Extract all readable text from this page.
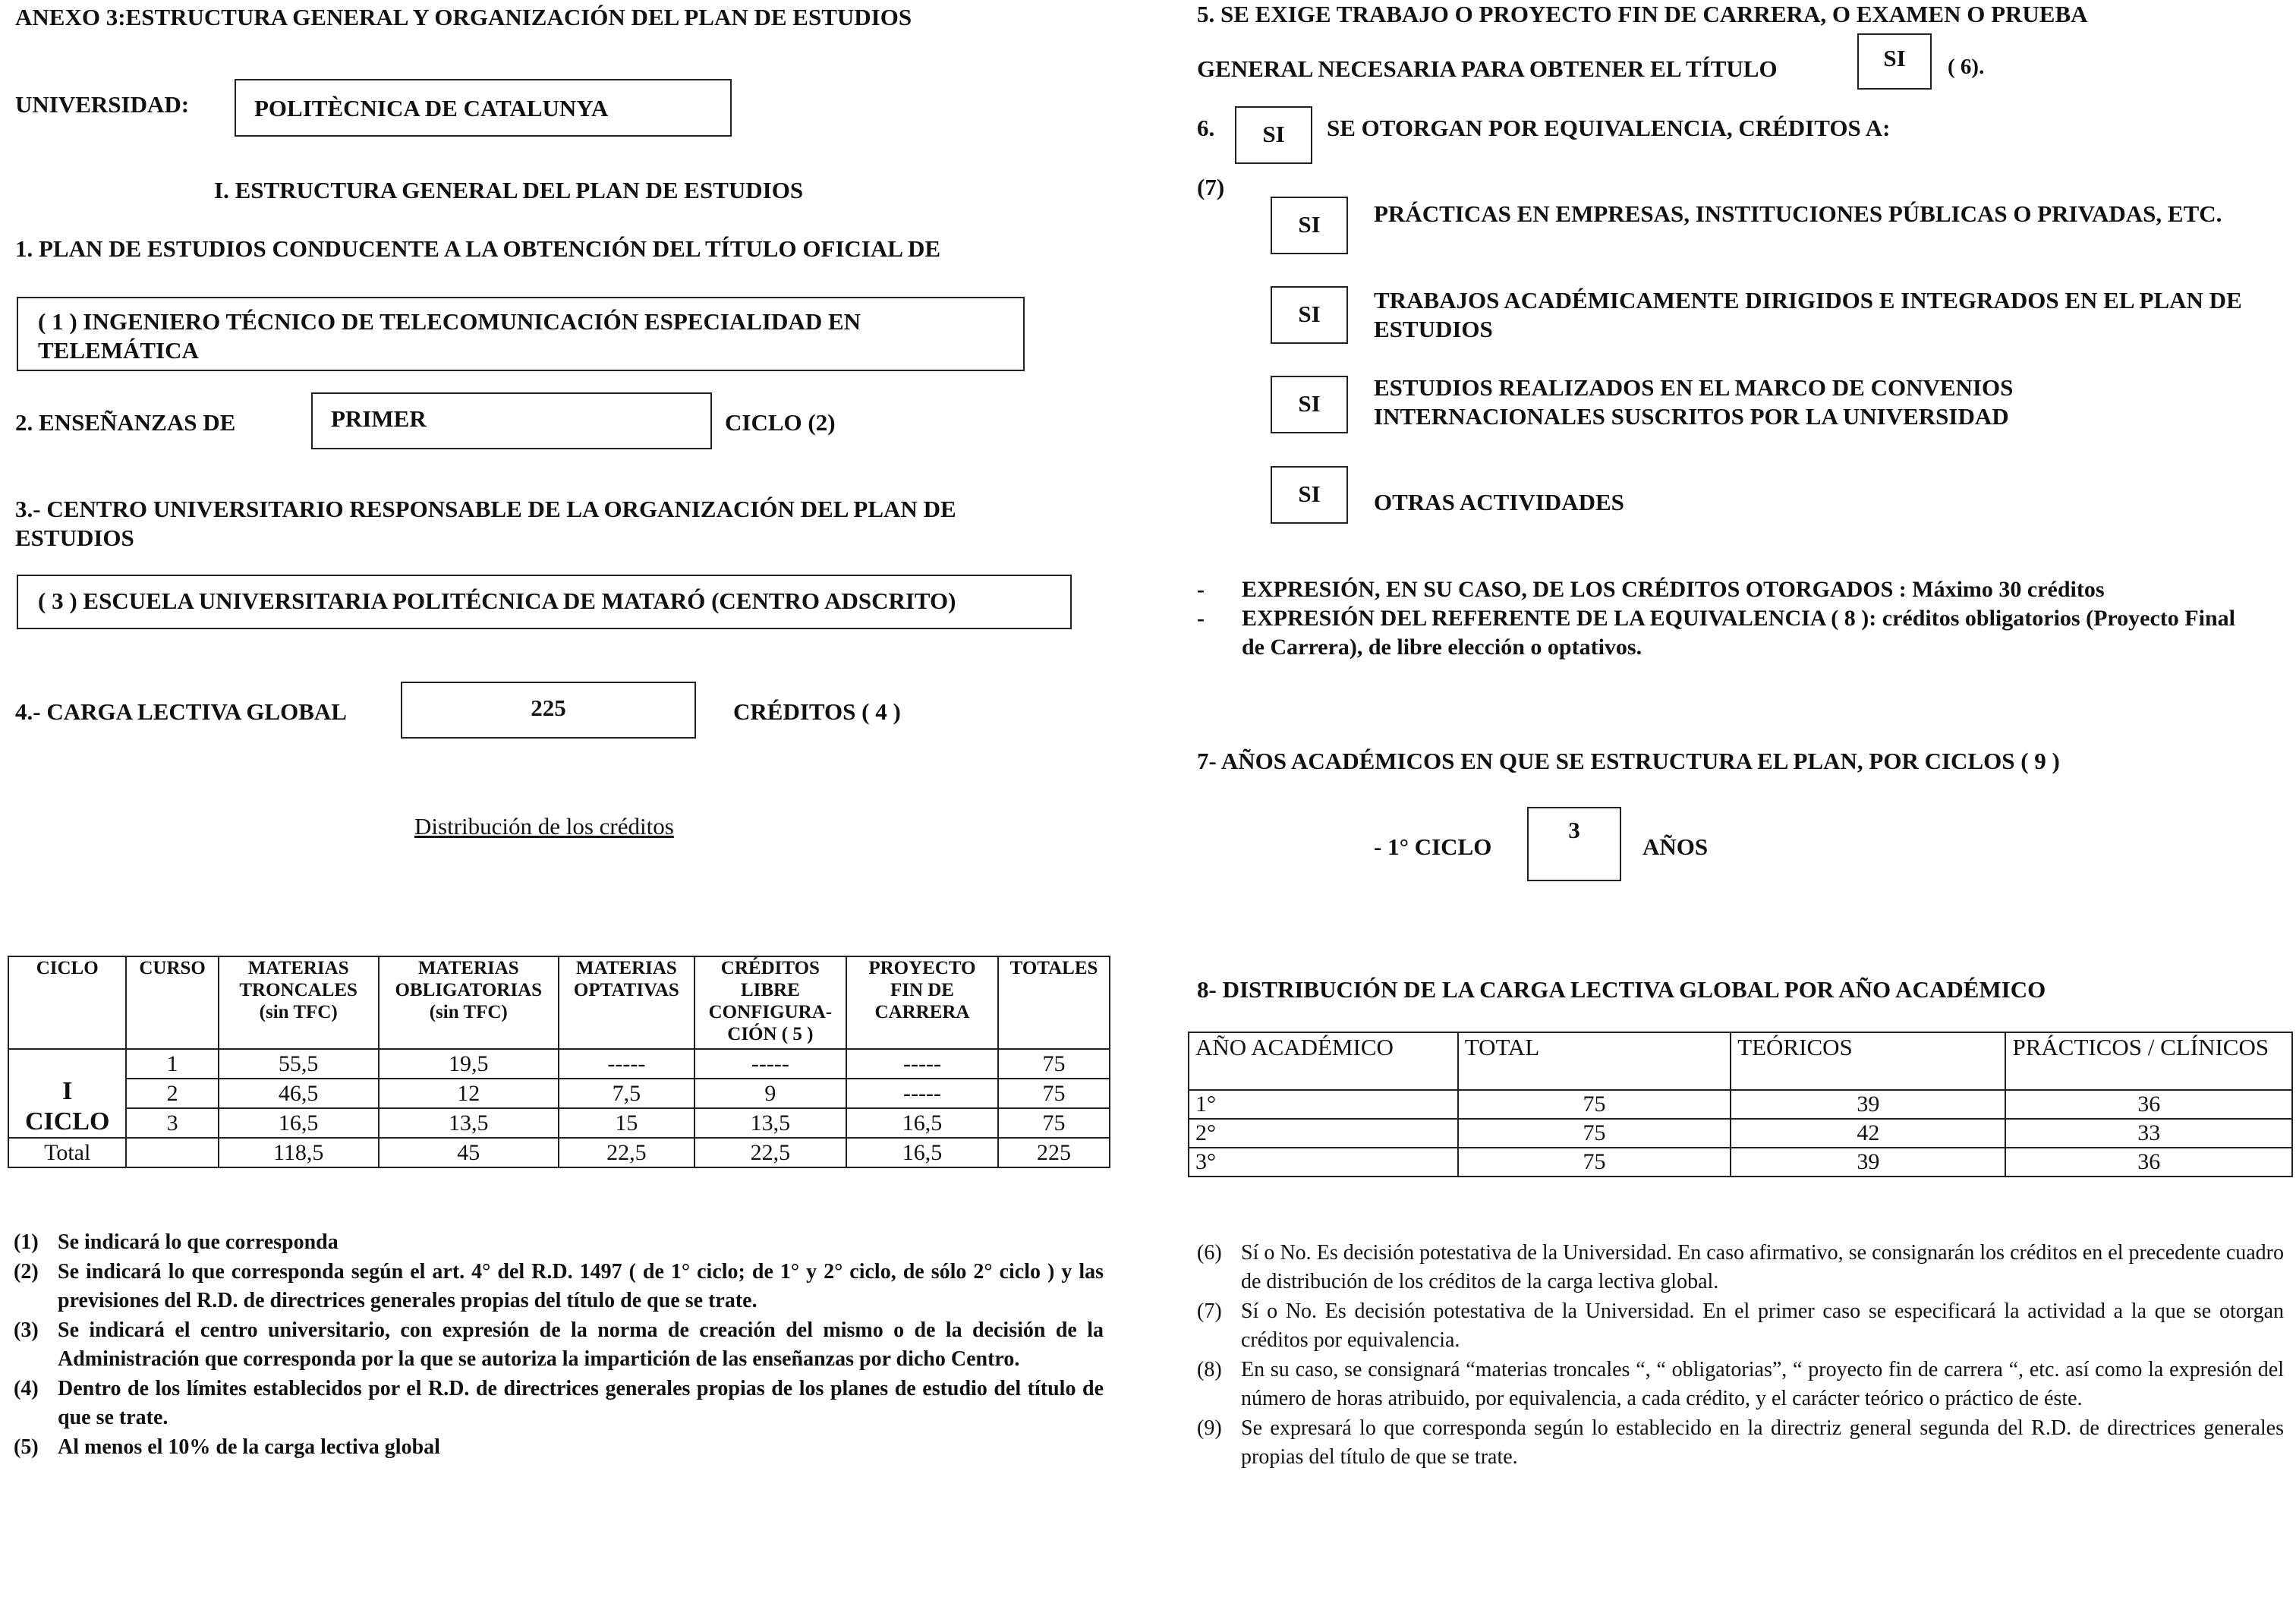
ANEXO 3:ESTRUCTURA GENERAL Y ORGANIZACIÓN DEL PLAN DE ESTUDIOS
UNIVERSIDAD:	POLITÈCNICA DE CATALUNYA
I. ESTRUCTURA GENERAL DEL PLAN DE ESTUDIOS
1. PLAN DE ESTUDIOS CONDUCENTE A LA OBTENCIÓN DEL TÍTULO OFICIAL DE
( 1 ) INGENIERO TÉCNICO DE TELECOMUNICACIÓN ESPECIALIDAD EN TELEMÁTICA
2. ENSEÑANZAS DE	PRIMER	CICLO (2)
3.- CENTRO UNIVERSITARIO RESPONSABLE DE LA ORGANIZACIÓN DEL PLAN DE ESTUDIOS
( 3 ) ESCUELA UNIVERSITARIA POLITÉCNICA DE MATARÓ (CENTRO ADSCRITO)
4.- CARGA LECTIVA GLOBAL	225	CRÉDITOS ( 4 )
Distribución de los créditos
CICLO	CURSO	MATERIAS TRONCALES (sin TFC)	MATERIAS OBLIGATORIAS (sin TFC)	MATERIAS OPTATIVAS	CRÉDITOS LIBRE CONFIGURA-CIÓN ( 5 )	PROYECTO FIN DE CARRERA	TOTALES

I
CICLO	1	55,5	19,5	-----	-----	-----	75
	2	46,5	12	7,5	9	-----	75
	3	16,5	13,5	15	13,5	16,5	75
Total		118,5	45	22,5	22,5	16,5	225
(1) Se indicará lo que corresponda
(2) Se indicará lo que corresponda según el art. 4° del R.D. 1497 ( de 1° ciclo; de 1° y 2° ciclo, de sólo 2° ciclo ) y las previsiones del R.D. de directrices generales propias del título de que se trate.
(3) Se indicará el centro universitario, con expresión de la norma de creación del mismo o de la decisión de la Administración que corresponda por la que se autoriza la impartición de las enseñanzas por dicho Centro.
(4) Dentro de los límites establecidos por el R.D. de directrices generales propias de los planes de estudio del título de que se trate.
(5) Al menos el 10% de la carga lectiva global
5. SE EXIGE TRABAJO O PROYECTO FIN DE CARRERA, O EXAMEN O PRUEBA
GENERAL NECESARIA PARA OBTENER EL TÍTULO	SI	( 6).
6.	SI	SE OTORGAN POR EQUIVALENCIA, CRÉDITOS A:
(7)
SI	PRÁCTICAS EN EMPRESAS, INSTITUCIONES PÚBLICAS O PRIVADAS, ETC.
SI
TRABAJOS ACADÉMICAMENTE DIRIGIDOS E INTEGRADOS EN EL PLAN DE ESTUDIOS
SI
ESTUDIOS REALIZADOS EN EL MARCO DE CONVENIOS INTERNACIONALES SUSCRITOS POR LA UNIVERSIDAD
SI	OTRAS ACTIVIDADES
- EXPRESIÓN, EN SU CASO, DE LOS CRÉDITOS OTORGADOS : Máximo 30 créditos
- EXPRESIÓN DEL REFERENTE DE LA EQUIVALENCIA ( 8 ): créditos obligatorios (Proyecto Final de Carrera), de libre elección o optativos.
7- AÑOS ACADÉMICOS EN QUE SE ESTRUCTURA EL PLAN, POR CICLOS ( 9 )
- 1° CICLO
3
AÑOS
8- DISTRIBUCIÓN DE LA CARGA LECTIVA GLOBAL POR AÑO ACADÉMICO
AÑO ACADÉMICO	TOTAL	TEÓRICOS	PRÁCTICOS / CLÍNICOS
1°	75	39	36
2°	75	42	33
3°	75	39	36
(6) Sí o No. Es decisión potestativa de la Universidad. En caso afirmativo, se consignarán los créditos en el precedente cuadro de distribución de los créditos de la carga lectiva global.
(7) Sí o No. Es decisión potestativa de la Universidad. En el primer caso se especificará la actividad a la que se otorgan créditos por equivalencia.
(8) En su caso, se consignará “materias troncales “, “ obligatorias”, “ proyecto fin de carrera “, etc. así como la expresión del número de horas atribuido, por equivalencia, a cada crédito, y el carácter teórico o práctico de éste.
(9) Se expresará lo que corresponda según lo establecido en la directriz general segunda del R.D. de directrices generales propias del título de que se trate.
